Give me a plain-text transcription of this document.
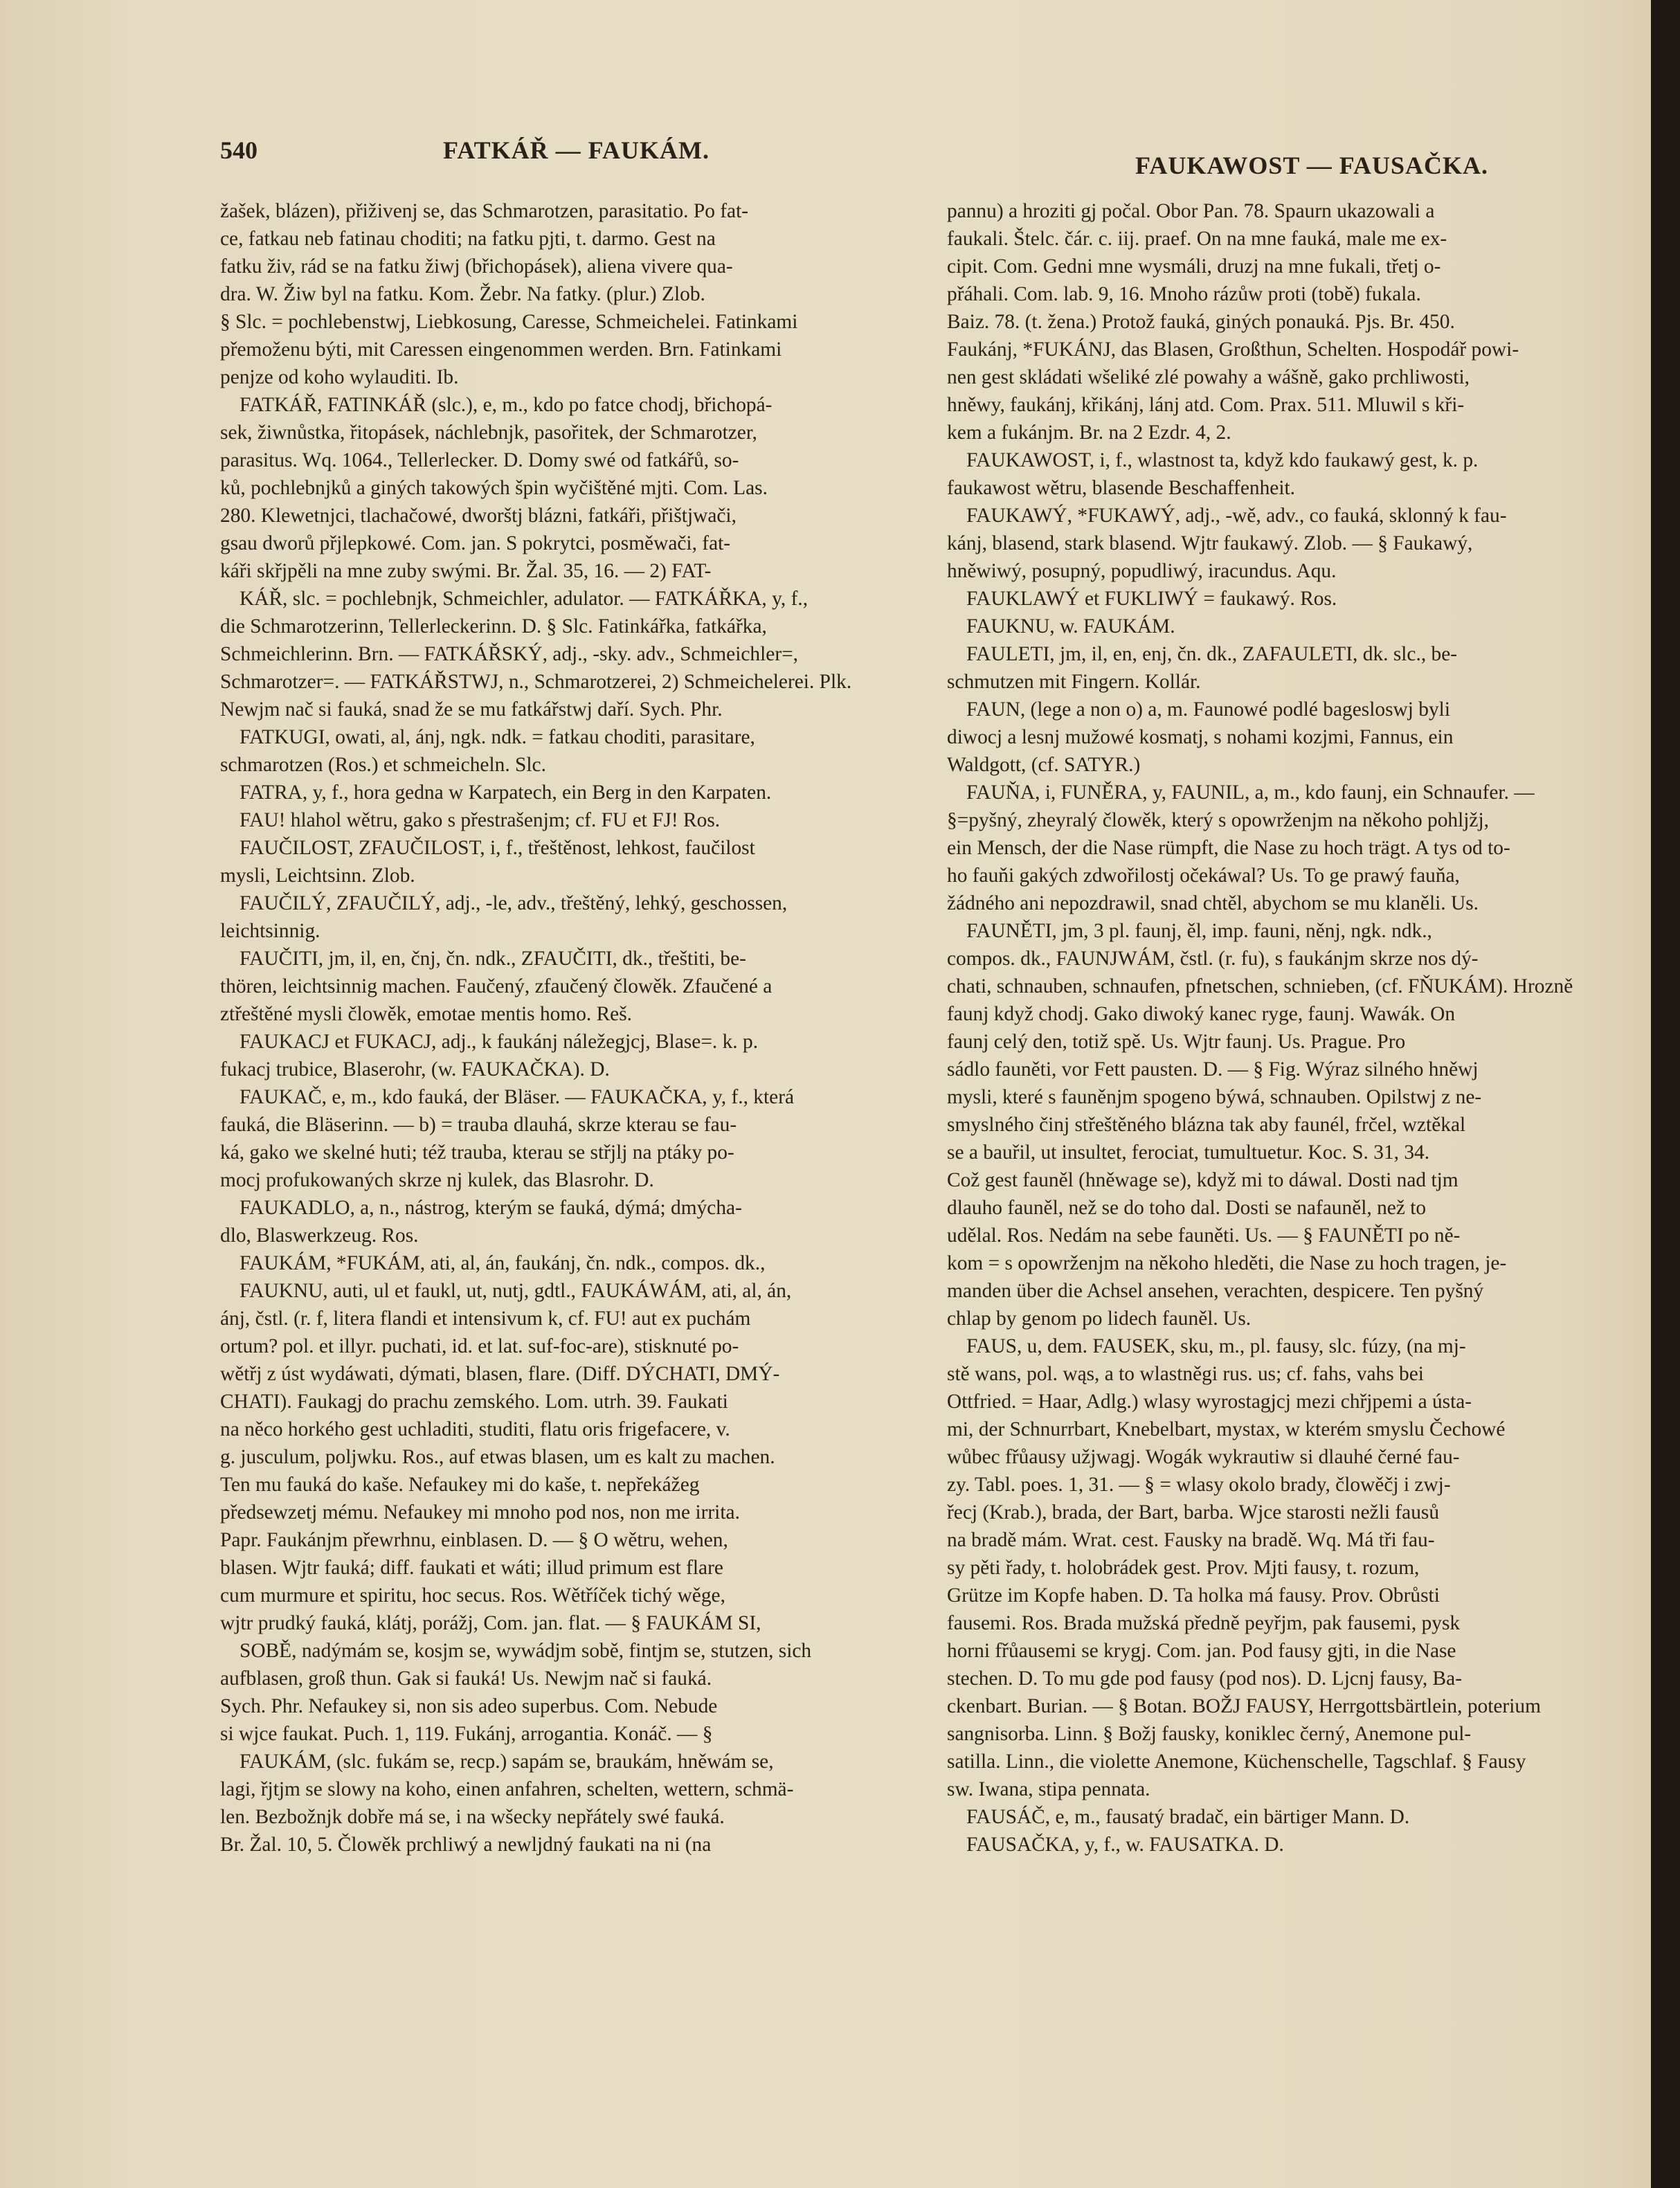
540	FATKÁŘ — FAUKÁM.
FAUKAWOST — FAUSAČKA.
žašek, blázen), přiživenj se, das Schmarotzen, parasitatio. Po fat-
ce, fatkau neb fatinau choditi; na fatku pjti, t. darmo. Gest na
fatku živ, rád se na fatku žiwj (břichopásek), aliena vivere qua-
dra. W. Žiw byl na fatku. Kom. Žebr. Na fatky. (plur.) Zlob.
§ Slc. = pochlebenstwj, Liebkosung, Caresse, Schmeichelei. Fatinkami
přemoženu býti, mit Caressen eingenommen werden. Brn. Fatinkami
penjze od koho wylauditi. Ib.
FATKÁŘ, FATINKÁŘ (slc.), e, m., kdo po fatce chodj, břichopá-
sek, žiwnůstka, řitopásek, náchlebnjk, pasořitek, der Schmarotzer,
parasitus. Wq. 1064., Tellerlecker. D. Domy swé od fatkářů, so-
ků, pochlebnjků a giných takowých špin wyčištěné mjti. Com. Las.
280. Klewetnjci, tlachačowé, dworštj blázni, fatkáři, přištjwači,
gsau dworů přjlepkowé. Com. jan. S pokrytci, posměwači, fat-
káři skřjpěli na mne zuby swými. Br. Žal. 35, 16. — 2) FAT-
KÁŘ, slc. = pochlebnjk, Schmeichler, adulator. — FATKÁŘKA, y, f.,
die Schmarotzerinn, Tellerleckerinn. D. § Slc. Fatinkářka, fatkářka,
Schmeichlerinn. Brn. — FATKÁŘSKÝ, adj., -sky. adv., Schmeichler=,
Schmarotzer=. — FATKÁŘSTWJ, n., Schmarotzerei, 2) Schmeichelerei. Plk.
Newjm nač si fauká, snad že se mu fatkářstwj daří. Sych. Phr.
FATKUGI, owati, al, ánj, ngk. ndk. = fatkau choditi, parasitare,
schmarotzen (Ros.) et schmeicheln. Slc.
FATRA, y, f., hora gedna w Karpatech, ein Berg in den Karpaten.
FAU! hlahol wětru, gako s přestrašenjm; cf. FU et FJ! Ros.
FAUČILOST, ZFAUČILOST, i, f., třeštěnost, lehkost, faučilost
mysli, Leichtsinn. Zlob.
FAUČILÝ, ZFAUČILÝ, adj., -le, adv., třeštěný, lehký, geschossen,
leichtsinnig.
FAUČITI, jm, il, en, čnj, čn. ndk., ZFAUČITI, dk., třeštiti, be-
thören, leichtsinnig machen. Faučený, zfaučený člowěk. Zfaučené a
ztřeštěné mysli člowěk, emotae mentis homo. Reš.
FAUKACJ et FUKACJ, adj., k faukánj náležegjcj, Blase=. k. p.
fukacj trubice, Blaserohr, (w. FAUKAČKA). D.
FAUKAČ, e, m., kdo fauká, der Bläser. — FAUKAČKA, y, f., která
fauká, die Bläserinn. — b) = trauba dlauhá, skrze kterau se fau-
ká, gako we skelné huti; též trauba, kterau se střjlj na ptáky po-
mocj profukowaných skrze nj kulek, das Blasrohr. D.
FAUKADLO, a, n., nástrog, kterým se fauká, dýmá; dmýcha-
dlo, Blaswerkzeug. Ros.
FAUKÁM, *FUKÁM, ati, al, án, faukánj, čn. ndk., compos. dk.,
FAUKNU, auti, ul et faukl, ut, nutj, gdtl., FAUKÁWÁM, ati, al, án,
ánj, čstl. (r. f, litera flandi et intensivum k, cf. FU! aut ex puchám
ortum? pol. et illyr. puchati, id. et lat. suf-foc-are), stisknuté po-
wětřj z úst wydáwati, dýmati, blasen, flare. (Diff. DÝCHATI, DMÝ-
CHATI). Faukagj do prachu zemského. Lom. utrh. 39. Faukati
na něco horkého gest uchladiti, studiti, flatu oris frigefacere, v.
g. jusculum, poljwku. Ros., auf etwas blasen, um es kalt zu machen.
Ten mu fauká do kaše. Nefaukey mi do kaše, t. nepřekážeg
předsewzetj mému. Nefaukey mi mnoho pod nos, non me irrita.
Papr. Faukánjm přewrhnu, einblasen. D. — § O wětru, wehen,
blasen. Wjtr fauká; diff. faukati et wáti; illud primum est flare
cum murmure et spiritu, hoc secus. Ros. Wětříček tichý wěge,
wjtr prudký fauká, klátj, porážj, Com. jan. flat. — § FAUKÁM SI,
SOBĚ, nadýmám se, kosjm se, wywádjm sobě, fintjm se, stutzen, sich
aufblasen, groß thun. Gak si fauká! Us. Newjm nač si fauká.
Sych. Phr. Nefaukey si, non sis adeo superbus. Com. Nebude
si wjce faukat. Puch. 1, 119. Fukánj, arrogantia. Konáč. — §
FAUKÁM, (slc. fukám se, recp.) sapám se, braukám, hněwám se,
lagi, řjtjm se slowy na koho, einen anfahren, schelten, wettern, schmä-
len. Bezbožnjk dobře má se, i na wšecky nepřátely swé fauká.
Br. Žal. 10, 5. Člowěk prchliwý a newljdný faukati na ni (na
pannu) a hroziti gj počal. Obor Pan. 78. Spaurn ukazowali a
faukali. Štelc. čár. c. iij. praef. On na mne fauká, male me ex-
cipit. Com. Gedni mne wysmáli, druzj na mne fukali, třetj o-
přáhali. Com. lab. 9, 16. Mnoho rázůw proti (tobě) fukala.
Baiz. 78. (t. žena.) Protož fauká, giných ponauká. Pjs. Br. 450.
Faukánj, *FUKÁNJ, das Blasen, Großthun, Schelten. Hospodář powi-
nen gest skládati wšeliké zlé powahy a wášně, gako prchliwosti,
hněwy, faukánj, křikánj, lánj atd. Com. Prax. 511. Mluwil s kři-
kem a fukánjm. Br. na 2 Ezdr. 4, 2.
FAUKAWOST, i, f., wlastnost ta, když kdo faukawý gest, k. p.
faukawost wětru, blasende Beschaffenheit.
FAUKAWÝ, *FUKAWÝ, adj., -wě, adv., co fauká, sklonný k fau-
kánj, blasend, stark blasend. Wjtr faukawý. Zlob. — § Faukawý,
hněwiwý, posupný, popudliwý, iracundus. Aqu.
FAUKLAWÝ et FUKLIWÝ = faukawý. Ros.
FAUKNU, w. FAUKÁM.
FAULETI, jm, il, en, enj, čn. dk., ZAFAULETI, dk. slc., be-
schmutzen mit Fingern. Kollár.
FAUN, (lege a non o) a, m. Faunowé podlé bagesloswj byli
diwocj a lesnj mužowé kosmatj, s nohami kozjmi, Fannus, ein
Waldgott, (cf. SATYR.)
FAUŇA, i, FUNĚRA, y, FAUNIL, a, m., kdo faunj, ein Schnaufer. —
§=pyšný, zheyralý člowěk, který s opowrženjm na někoho pohljžj,
ein Mensch, der die Nase rümpft, die Nase zu hoch trägt. A tys od to-
ho fauňi gakých zdwořilostj očekáwal? Us. To ge prawý fauňa,
žádného ani nepozdrawil, snad chtěl, abychom se mu klaněli. Us.
FAUNĚTI, jm, 3 pl. faunj, ěl, imp. fauni, něnj, ngk. ndk.,
compos. dk., FAUNJWÁM, čstl. (r. fu), s faukánjm skrze nos dý-
chati, schnauben, schnaufen, pfnetschen, schnieben, (cf. FŇUKÁM). Hrozně
faunj když chodj. Gako diwoký kanec ryge, faunj. Wawák. On
faunj celý den, totiž spě. Us. Wjtr faunj. Us. Prague. Pro
sádlo fauněti, vor Fett pausten. D. — § Fig. Wýraz silného hněwj
mysli, které s fauněnjm spogeno býwá, schnauben. Opilstwj z ne-
smyslného činj střeštěného blázna tak aby faunél, frčel, wztěkal
se a bauřil, ut insultet, ferociat, tumultuetur. Koc. S. 31, 34.
Což gest fauněl (hněwage se), když mi to dáwal. Dosti nad tjm
dlauho fauněl, než se do toho dal. Dosti se nafauněl, než to
udělal. Ros. Nedám na sebe fauněti. Us. — § FAUNĚTI po ně-
kom = s opowrženjm na někoho hleděti, die Nase zu hoch tragen, je-
manden über die Achsel ansehen, verachten, despicere. Ten pyšný
chlap by genom po lidech fauněl. Us.
FAUS, u, dem. FAUSEK, sku, m., pl. fausy, slc. fúzy, (na mj-
stě wans, pol. wąs, a to wlastněgi rus. us; cf. fahs, vahs bei
Ottfried. = Haar, Adlg.) wlasy wyrostagjcj mezi chřjpemi a ústa-
mi, der Schnurrbart, Knebelbart, mystax, w kterém smyslu Čechowé
wůbec fřůausy užjwagj. Wogák wykrautiw si dlauhé černé fau-
zy. Tabl. poes. 1, 31. — § = wlasy okolo brady, člowěčj i zwj-
řecj (Krab.), brada, der Bart, barba. Wjce starosti nežli fausů
na bradě mám. Wrat. cest. Fausky na bradě. Wq. Má tři fau-
sy pěti řady, t. holobrádek gest. Prov. Mjti fausy, t. rozum,
Grütze im Kopfe haben. D. Ta holka má fausy. Prov. Obrůsti
fausemi. Ros. Brada mužská předně peyřjm, pak fausemi, pysk
horni fřůausemi se krygj. Com. jan. Pod fausy gjti, in die Nase
stechen. D. To mu gde pod fausy (pod nos). D. Ljcnj fausy, Ba-
ckenbart. Burian. — § Botan. BOŽJ FAUSY, Herrgottsbärtlein, poterium
sangnisorba. Linn. § Božj fausky, koniklec černý, Anemone pul-
satilla. Linn., die violette Anemone, Küchenschelle, Tagschlaf. § Fausy
sw. Iwana, stipa pennata.
FAUSÁČ, e, m., fausatý bradač, ein bärtiger Mann. D.
FAUSAČKA, y, f., w. FAUSATKA. D.
